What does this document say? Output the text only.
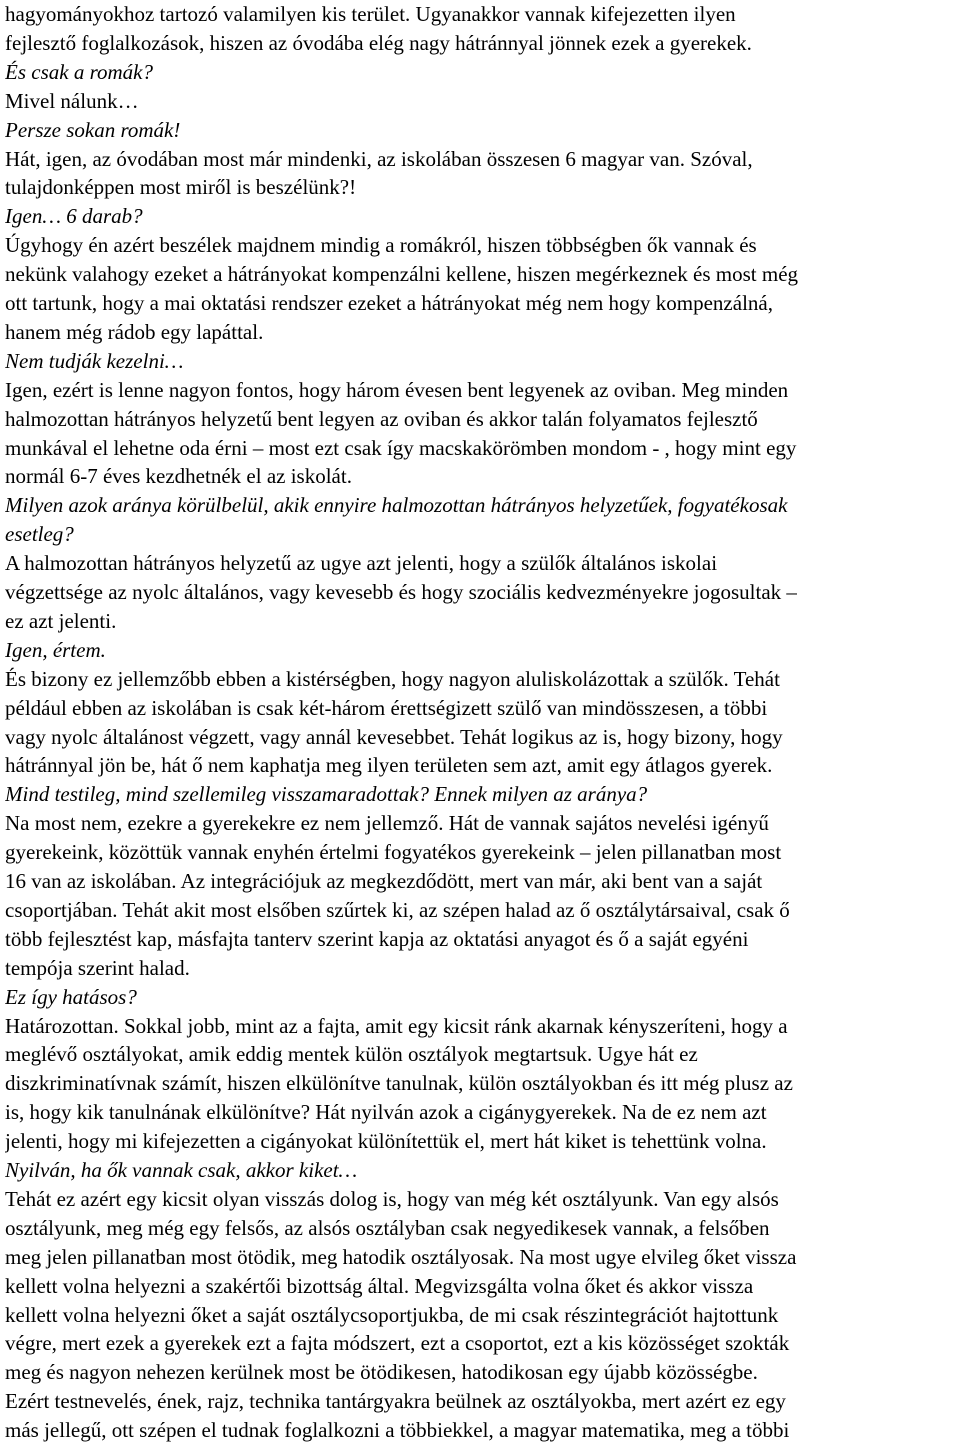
hagyományokhoz tartozó valamilyen kis terület. Ugyanakkor vannak kifejezetten ilyen
fejlesztő foglalkozások, hiszen az óvodába elég nagy hátránnyal jönnek ezek a gyerekek.
És csak a romák?
Mivel nálunk…
Persze sokan romák!
Hát, igen, az óvodában most már mindenki, az iskolában összesen 6 magyar van. Szóval,
tulajdonképpen most miről is beszélünk?!
Igen… 6 darab?
Úgyhogy én azért beszélek majdnem mindig a romákról, hiszen többségben ők vannak és
nekünk valahogy ezeket a hátrányokat kompenzálni kellene, hiszen megérkeznek és most még
ott tartunk, hogy a mai oktatási rendszer ezeket a hátrányokat még nem hogy kompenzálná,
hanem még rádob egy lapáttal.
Nem tudják kezelni…
Igen, ezért is lenne nagyon fontos, hogy három évesen bent legyenek az oviban. Meg minden
halmozottan hátrányos helyzetű bent legyen az oviban és akkor talán folyamatos fejlesztő
munkával el lehetne oda érni – most ezt csak így macskakörömben mondom - , hogy mint egy
normál 6-7 éves kezdhetnék el az iskolát.
Milyen azok aránya körülbelül, akik ennyire halmozottan hátrányos helyzetűek, fogyatékosak
esetleg?
A halmozottan hátrányos helyzetű az ugye azt jelenti, hogy a szülők általános iskolai
végzettsége az nyolc általános, vagy kevesebb és hogy szociális kedvezményekre jogosultak –
ez azt jelenti.
Igen, értem.
És bizony ez jellemzőbb ebben a kistérségben, hogy nagyon aluliskolázottak a szülők. Tehát
például ebben az iskolában is csak két-három érettségizett szülő van mindösszesen, a többi
vagy nyolc általánost végzett, vagy annál kevesebbet. Tehát logikus az is, hogy bizony, hogy
hátránnyal jön be, hát ő nem kaphatja meg ilyen területen sem azt, amit egy átlagos gyerek.
Mind testileg, mind szellemileg visszamaradottak? Ennek milyen az aránya?
Na most nem, ezekre a gyerekekre ez nem jellemző. Hát de vannak sajátos nevelési igényű
gyerekeink, közöttük vannak enyhén értelmi fogyatékos gyerekeink – jelen pillanatban most
16 van az iskolában. Az integrációjuk az megkezdődött, mert van már, aki bent van a saját
csoportjában. Tehát akit most elsőben szűrtek ki, az szépen halad az ő osztálytársaival, csak ő
több fejlesztést kap, másfajta tanterv szerint kapja az oktatási anyagot és ő a saját egyéni
tempója szerint halad.
Ez így hatásos?
Határozottan. Sokkal jobb, mint az a fajta, amit egy kicsit ránk akarnak kényszeríteni, hogy a
meglévő osztályokat, amik eddig mentek külön osztályok megtartsuk. Ugye hát ez
diszkriminatívnak számít, hiszen elkülönítve tanulnak, külön osztályokban és itt még plusz az
is, hogy kik tanulnának elkülönítve? Hát nyilván azok a cigánygyerekek. Na de ez nem azt
jelenti, hogy mi kifejezetten a cigányokat különítettük el, mert hát kiket is tehettünk volna.
Nyilván, ha ők vannak csak, akkor kiket…
Tehát ez azért egy kicsit olyan visszás dolog is, hogy van még két osztályunk. Van egy alsós
osztályunk, meg még egy felsős, az alsós osztályban csak negyedikesek vannak, a felsőben
meg jelen pillanatban most ötödik, meg hatodik osztályosak. Na most ugye elvileg őket vissza
kellett volna helyezni a szakértői bizottság által. Megvizsgálta volna őket és akkor vissza
kellett volna helyezni őket a saját osztálycsoportjukba, de mi csak részintegrációt hajtottunk
végre, mert ezek a gyerekek ezt a fajta módszert, ezt a csoportot, ezt a kis közösséget szokták
meg és nagyon nehezen kerülnek most be ötödikesen, hatodikosan egy újabb közösségbe.
Ezért testnevelés, ének, rajz, technika tantárgyakra beülnek az osztályokba, mert azért ez egy
más jellegű, ott szépen el tudnak foglalkozni a többiekkel, a magyar matematika, meg a többi
